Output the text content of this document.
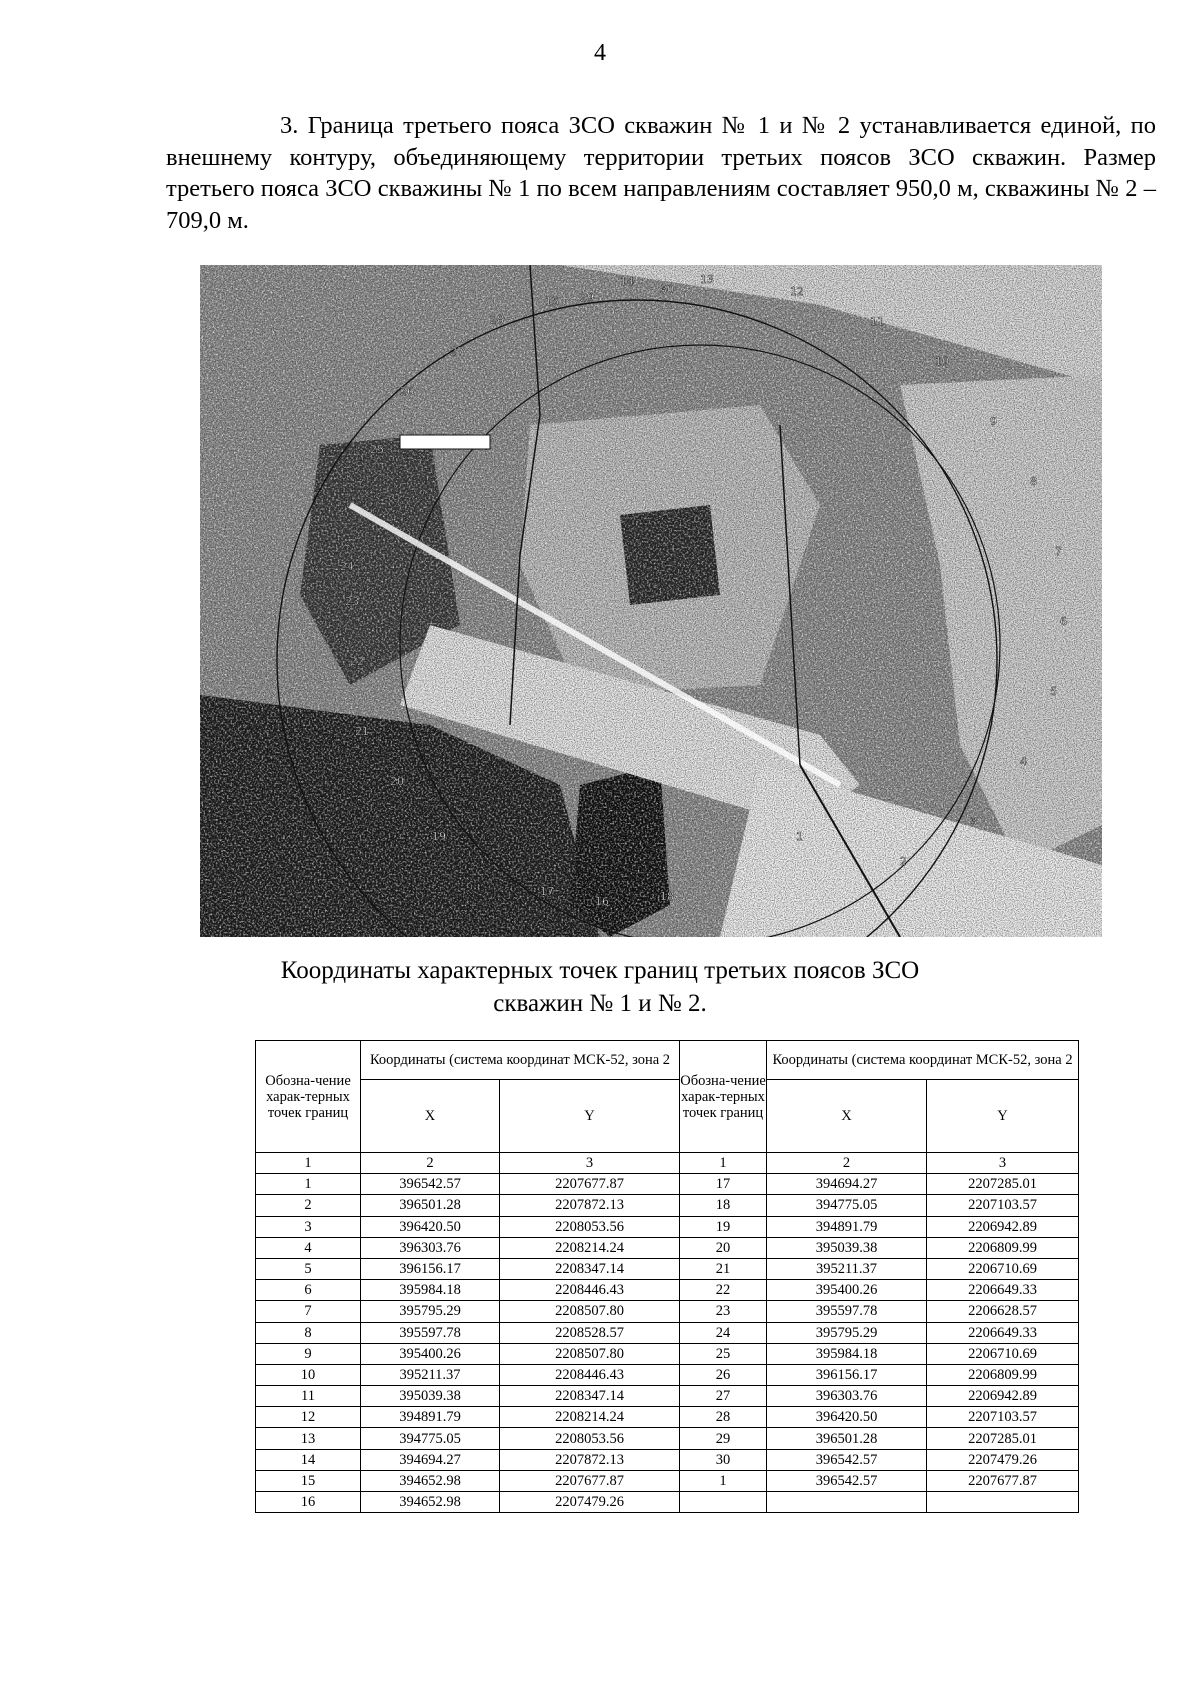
4
3. Граница третьего пояса ЗСО скважин № 1 и № 2 устанавливается единой, по внешнему контуру, объединяющему территории третьих поясов ЗСО скважин. Размер третьего пояса ЗСО скважины № 1 по всем направлениям составляет 950,0 м, скважины № 2 – 709,0 м.
1
2
3
4
5
6
7
8
9
10
11
12
13
14
15
16
17	18
19
20
21
22
23
24
25
26
27
28
29
30
Координаты характерных точек границ третьих поясов ЗСО
скважин № 1 и № 2.
Обозна-чение харак-терных точек границ	Координаты (система координат МСК-52, зона 2		Обозна-чение харак-терных точек границ	Координаты (система координат МСК-52, зона 2	
	X	Y		X	Y
1	2	3	1	2	3
1	396542.57	2207677.87	17	394694.27	2207285.01
2	396501.28	2207872.13	18	394775.05	2207103.57
3	396420.50	2208053.56	19	394891.79	2206942.89
4	396303.76	2208214.24	20	395039.38	2206809.99
5	396156.17	2208347.14	21	395211.37	2206710.69
6	395984.18	2208446.43	22	395400.26	2206649.33
7	395795.29	2208507.80	23	395597.78	2206628.57
8	395597.78	2208528.57	24	395795.29	2206649.33
9	395400.26	2208507.80	25	395984.18	2206710.69
10	395211.37	2208446.43	26	396156.17	2206809.99
11	395039.38	2208347.14	27	396303.76	2206942.89
12	394891.79	2208214.24	28	396420.50	2207103.57
13	394775.05	2208053.56	29	396501.28	2207285.01
14	394694.27	2207872.13	30	396542.57	2207479.26
15	394652.98	2207677.87	1	396542.57	2207677.87
16	394652.98	2207479.26			
